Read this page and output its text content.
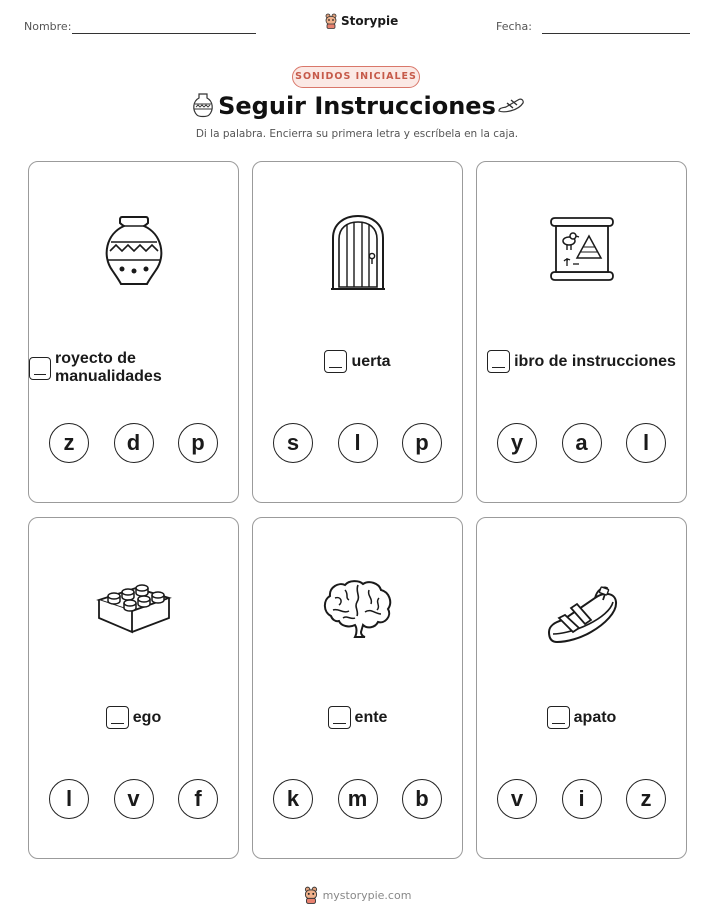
Nombre:	Storypie	Fecha:
SONIDOS INICIALES
Seguir Instrucciones
Di la palabra. Encierra su primera letra y escríbela en la caja.
royecto de manualidades
z	d	p
uerta
s	l	p
ibro de instrucciones
y	a	l
ego
l	v	f
ente
k	m	b
apato
v	i	z
mystorypie.com
